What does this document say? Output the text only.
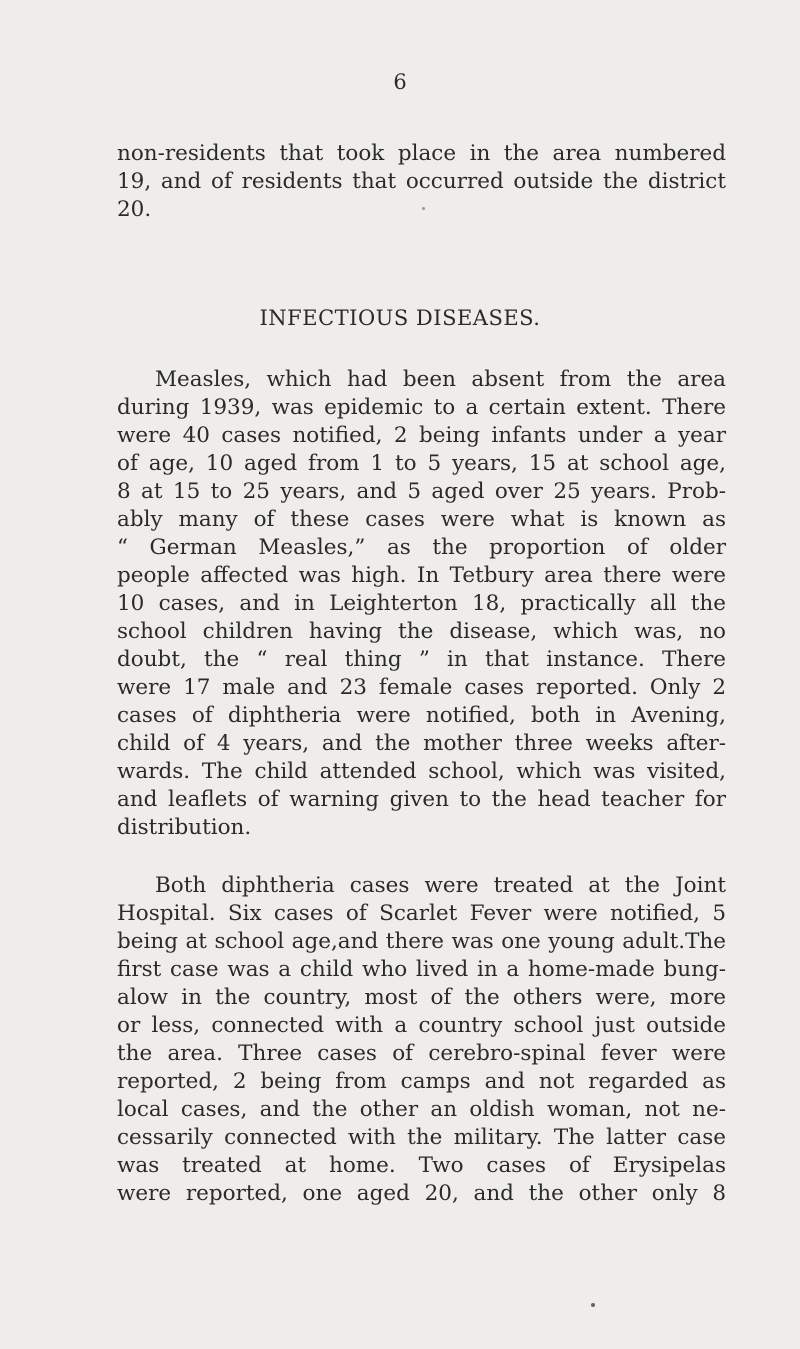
6
non-residents that took place in the area numbered
19, and of residents that occurred outside the district
20.
INFECTIOUS DISEASES.
Measles, which had been absent from the area
during 1939, was epidemic to a certain extent. There
were 40 cases notified, 2 being infants under a year
of age, 10 aged from 1 to 5 years, 15 at school age,
8 at 15 to 25 years, and 5 aged over 25 years. Prob-
ably many of these cases were what is known as
“ German Measles,” as the proportion of older
people affected was high. In Tetbury area there were
10 cases, and in Leighterton 18, practically all the
school children having the disease, which was, no
doubt, the “ real thing ” in that instance. There
were 17 male and 23 female cases reported. Only 2
cases of diphtheria were notified, both in Avening,
child of 4 years, and the mother three weeks after-
wards. The child attended school, which was visited,
and leaflets of warning given to the head teacher for
distribution.
Both diphtheria cases were treated at the Joint
Hospital. Six cases of Scarlet Fever were notified, 5
being at school age,and there was one young adult.The
first case was a child who lived in a home-made bung-
alow in the country, most of the others were, more
or less, connected with a country school just outside
the area. Three cases of cerebro-spinal fever were
reported, 2 being from camps and not regarded as
local cases, and the other an oldish woman, not ne-
cessarily connected with the military. The latter case
was treated at home. Two cases of Erysipelas
were reported, one aged 20, and the other only 8
